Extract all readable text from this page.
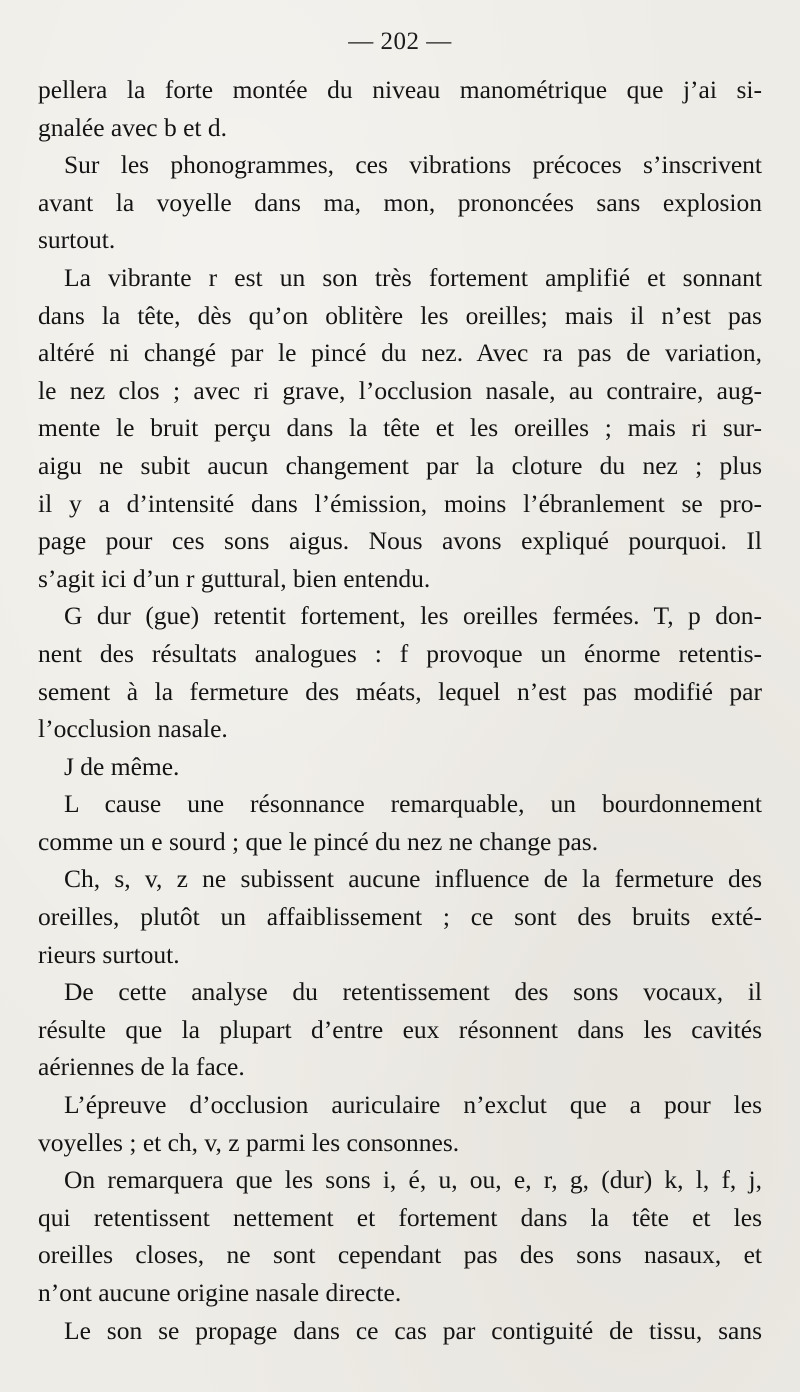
— 202 —
pellera la forte montée du niveau manométrique que j’ai si-
gnalée avec b et d.
Sur les phonogrammes, ces vibrations précoces s’inscrivent
avant la voyelle dans ma, mon, prononcées sans explosion
surtout.
La vibrante r est un son très fortement amplifié et sonnant
dans la tête, dès qu’on oblitère les oreilles; mais il n’est pas
altéré ni changé par le pincé du nez. Avec ra pas de variation,
le nez clos ; avec ri grave, l’occlusion nasale, au contraire, aug-
mente le bruit perçu dans la tête et les oreilles ; mais ri sur-
aigu ne subit aucun changement par la cloture du nez ; plus
il y a d’intensité dans l’émission, moins l’ébranlement se pro-
page pour ces sons aigus. Nous avons expliqué pourquoi. Il
s’agit ici d’un r guttural, bien entendu.
G dur (gue) retentit fortement, les oreilles fermées. T, p don-
nent des résultats analogues : f provoque un énorme retentis-
sement à la fermeture des méats, lequel n’est pas modifié par
l’occlusion nasale.
J de même.
L cause une résonnance remarquable, un bourdonnement
comme un e sourd ; que le pincé du nez ne change pas.
Ch, s, v, z ne subissent aucune influence de la fermeture des
oreilles, plutôt un affaiblissement ; ce sont des bruits exté-
rieurs surtout.
De cette analyse du retentissement des sons vocaux, il
résulte que la plupart d’entre eux résonnent dans les cavités
aériennes de la face.
L’épreuve d’occlusion auriculaire n’exclut que a pour les
voyelles ; et ch, v, z parmi les consonnes.
On remarquera que les sons i, é, u, ou, e, r, g, (dur) k, l, f, j,
qui retentissent nettement et fortement dans la tête et les
oreilles closes, ne sont cependant pas des sons nasaux, et
n’ont aucune origine nasale directe.
Le son se propage dans ce cas par contiguité de tissu, sans
